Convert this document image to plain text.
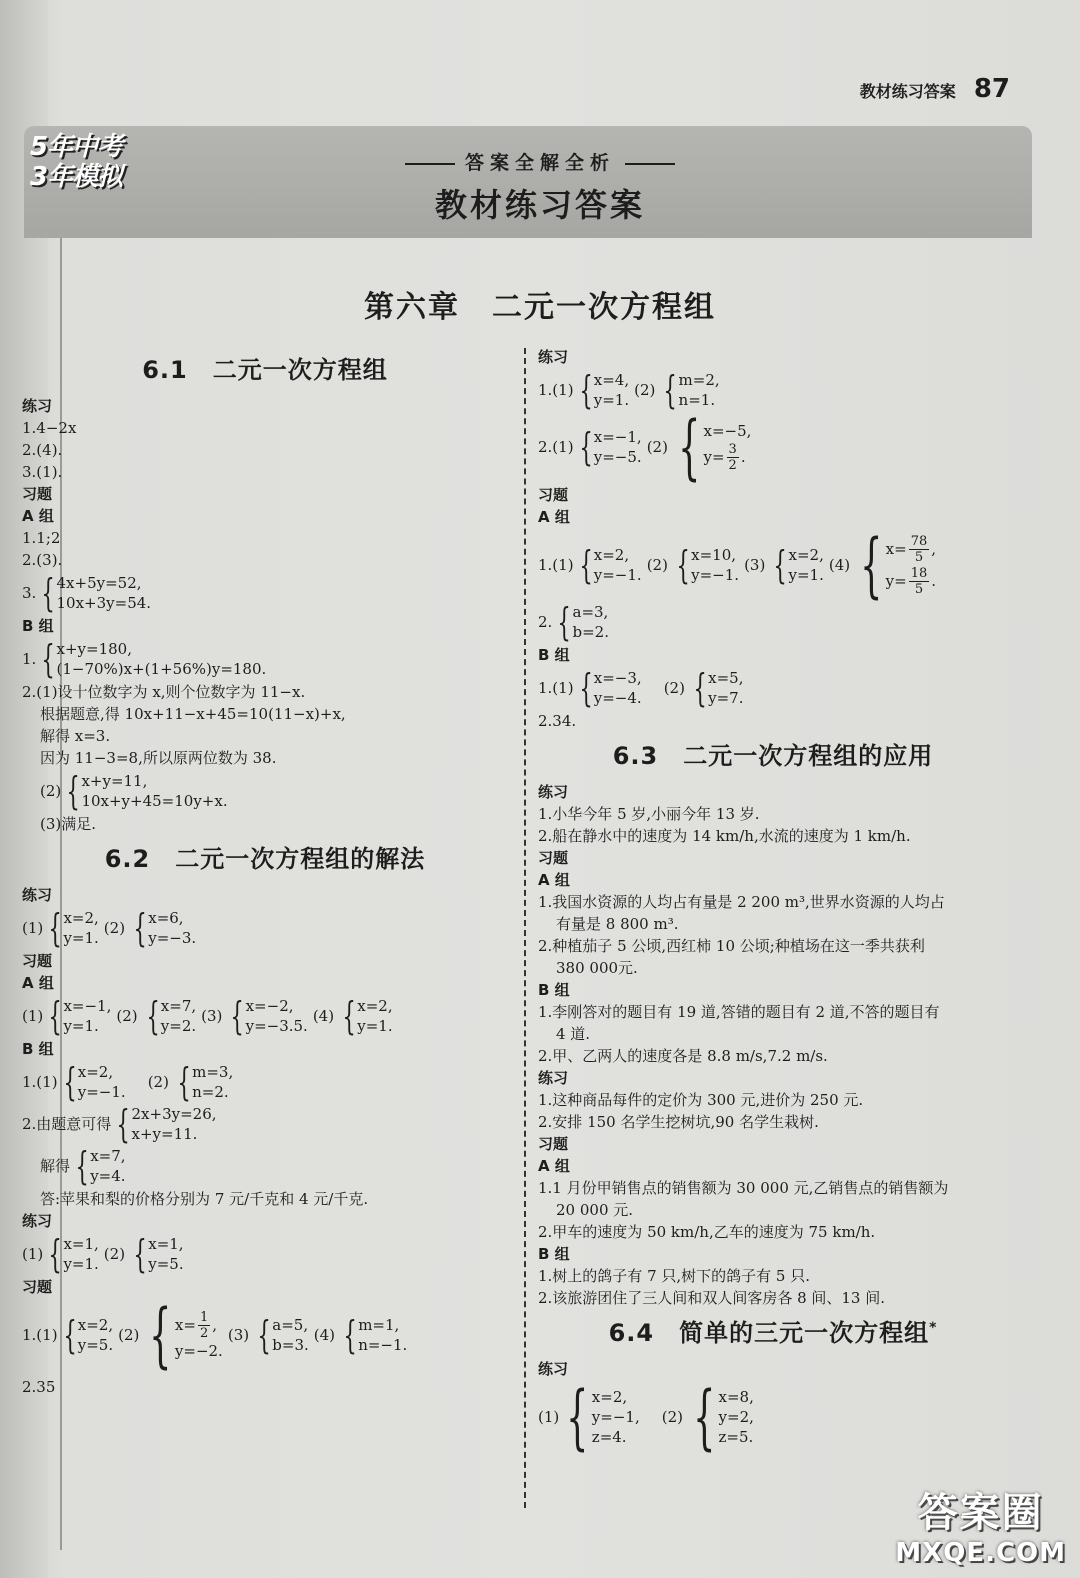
教材练习答案 87
5年中考
3年模拟	答案全解全析
教材练习答案
第六章　二元一次方程组
6.1　二元一次方程组
练习
1.4−2x
2.(4).
3.(1).
习题
A 组
1.1;2
2.(3).
3. { 4x+5y=52,
10x+3y=54.
B 组
1. { x+y=180,
(1−70%)x+(1+56%)y=180.
2.(1)设十位数字为 x,则个位数字为 11−x.
根据题意,得 10x+11−x+45=10(11−x)+x,
解得 x=3.
因为 11−3=8,所以原两位数为 38.
(2) { x+y=11,
10x+y+45=10y+x.
(3)满足.
6.2　二元一次方程组的解法
练习
(1) { x=2,
y=1.
(2) { x=6,
y=−3.
习题
A 组
(1) { x=−1,
y=1.
(2) { x=7,
y=2.
(3) { x=−2,
y=−3.5.
(4) { x=2,
y=1.
B 组
1.(1) { x=2,
y=−1.
(2) { m=3,
n=2.
2.由题意可得 { 2x+3y=26,
x+y=11.
解得 { x=7,
y=4.
答:苹果和梨的价格分别为 7 元/千克和 4 元/千克.
练习
(1) { x=1,
y=1.
(2) { x=1,
y=5.
习题
1.(1) { x=2,
y=5.
(2) { $x= \frac{1}{2}$ ,
y=−2.
(3) { a=5,
b=3.
(4) { m=1,
n=−1.
2.35
练习
1.(1) { x=4,
y=1.
(2) { m=2,
n=1.
2.(1) { x=−1,
y=−5.
(2) { x=−5,
$y= \frac{3}{2}$ .
习题
A 组
1.(1) { x=2,
y=−1.
(2) { x=10,
y=−1.
(3) { x=2,
y=1.
(4) { $x= \frac{78}{5}$ ,
$y= \frac{18}{5}$ .
2. { a=3,
b=2.
B 组
1.(1) { x=−3,
y=−4.
(2) { x=5,
y=7.
2.34.
6.3　二元一次方程组的应用
练习
1.小华今年 5 岁,小丽今年 13 岁.
2.船在静水中的速度为 14 km/h,水流的速度为 1 km/h.
习题
A 组
1.我国水资源的人均占有量是 2 200 m³,世界水资源的人均占
有量是 8 800 m³.
2.种植茄子 5 公顷,西红柿 10 公顷;种植场在这一季共获利
380 000元.
B 组
1.李刚答对的题目有 19 道,答错的题目有 2 道,不答的题目有
4 道.
2.甲、乙两人的速度各是 8.8 m/s,7.2 m/s.
练习
1.这种商品每件的定价为 300 元,进价为 250 元.
2.安排 150 名学生挖树坑,90 名学生栽树.
习题
A 组
1.1 月份甲销售点的销售额为 30 000 元,乙销售点的销售额为
20 000 元.
2.甲车的速度为 50 km/h,乙车的速度为 75 km/h.
B 组
1.树上的鸽子有 7 只,树下的鸽子有 5 只.
2.该旅游团住了三人间和双人间客房各 8 间、13 间.
6.4　简单的三元一次方程组*
练习
(1) { x=2,
y=−1,
z=4.
(2) { x=8,
y=2,
z=5.
答案圈
MXQE.COM
